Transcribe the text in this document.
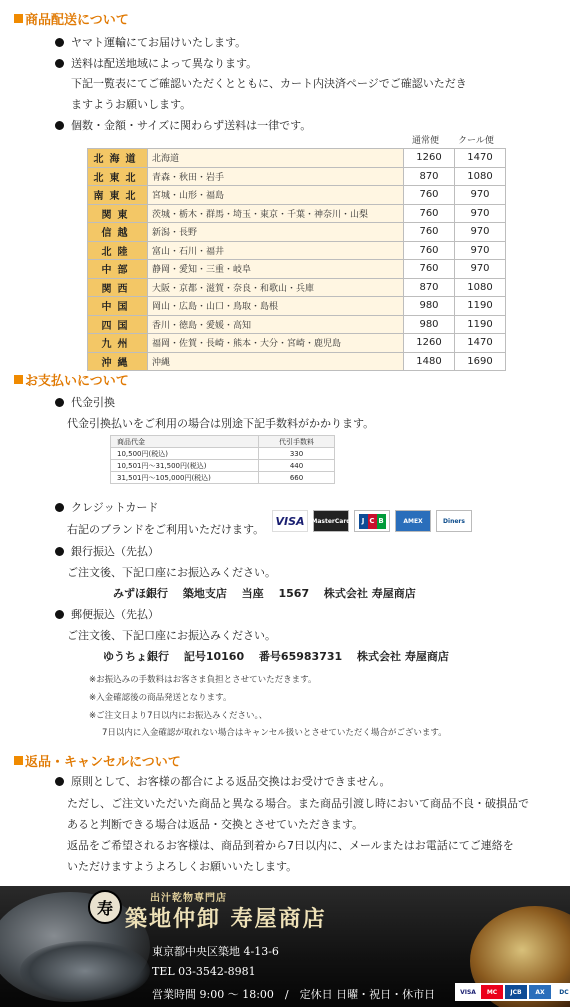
商品配送について
ヤマト運輸にてお届けいたします。
送料は配送地域によって異なります。
下記一覧表にてご確認いただくとともに、カート内決済ページでご確認いただき
ますようお願いします。
個数・金額・サイズに関わらず送料は一律です。
通常便 クール便
北海道	北海道	1260	1470
北東北	青森・秋田・岩手	870	1080
南東北	宮城・山形・福島	760	970
関東	茨城・栃木・群馬・埼玉・東京・千葉・神奈川・山梨	760	970
信越	新潟・長野	760	970
北陸	富山・石川・福井	760	970
中部	静岡・愛知・三重・岐阜	760	970
関西	大阪・京都・滋賀・奈良・和歌山・兵庫	870	1080
中国	岡山・広島・山口・鳥取・島根	980	1190
四国	香川・徳島・愛媛・高知	980	1190
九州	福岡・佐賀・長崎・熊本・大分・宮崎・鹿児島	1260	1470
沖縄	沖縄	1480	1690
お支払いについて
代金引換
代金引換払いをご利用の場合は別途下記手数料がかかります。
商品代金	代引手数料
10,500円(税込)	330
10,501円～31,500円(税込)	440
31,501円～105,000円(税込)	660
クレジットカード
右記のブランドをご利用いただけます。
VISA	MasterCard	J C B	AMEX	Diners
銀行振込（先払）
ご注文後、下記口座にお振込みください。
みずほ銀行　 築地支店　 当座　 1567　 株式会社 寿屋商店
郵便振込（先払）
ご注文後、下記口座にお振込みください。
ゆうちょ銀行　 記号10160　 番号65983731　 株式会社 寿屋商店
※お振込みの手数料はお客さま負担とさせていただきます。
※入金確認後の商品発送となります。
※ご注文日より7日以内にお振込みください。、
7日以内に入金確認が取れない場合はキャンセル扱いとさせていただく場合がございます。
返品・キャンセルについて
原則として、お客様の都合による返品交換はお受けできません。
ただし、ご注文いただいた商品と異なる場合。また商品引渡し時において商品不良・破損品で
あると判断できる場合は返品・交換とさせていただきます。
返品をご希望されるお客様は、商品到着から7日以内に、メールまたはお電話にてご連絡を
いただけますようよろしくお願いいたします。
寿	出汁乾物専門店
築地仲卸 寿屋商店
東京都中央区築地 4-13-6
TEL 03-3542-8981
営業時間 9:00 ～ 18:00　/　定休日 日曜・祝日・休市日	VISA	MC	JCB	AX	DC
